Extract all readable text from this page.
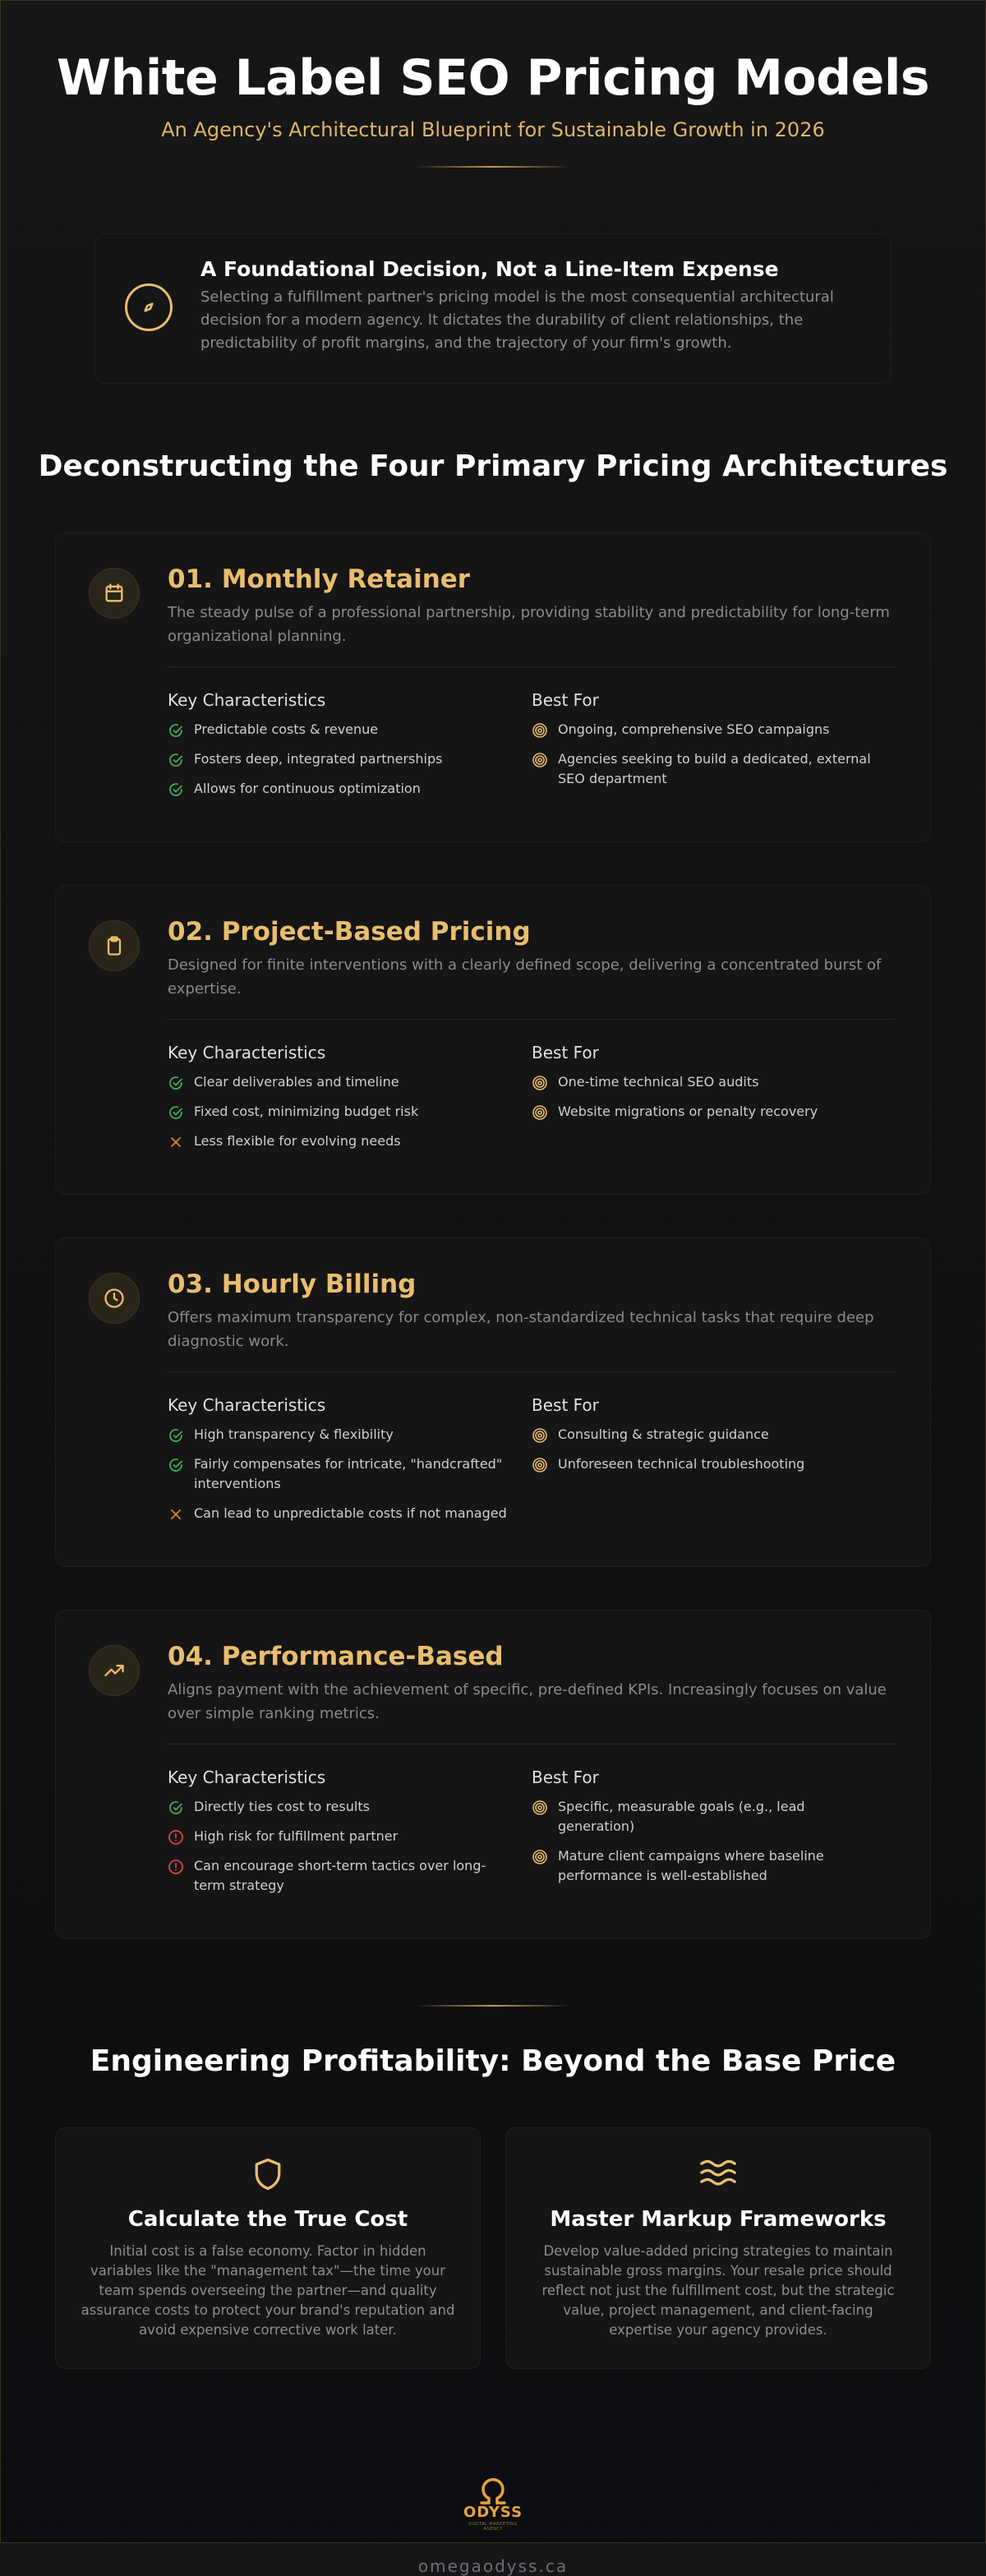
White Label SEO Pricing Models
An Agency's Architectural Blueprint for Sustainable Growth in 2026
A Foundational Decision, Not a Line-Item Expense

Selecting a fulfillment partner's pricing model is the most consequential architectural decision for a modern agency. It dictates the durability of client relationships, the predictability of profit margins, and the trajectory of your firm's growth.

Deconstructing the Four Primary Pricing Architectures
01. Monthly Retainer

The steady pulse of a professional partnership, providing stability and predictability for long-term organizational planning.

Key Characteristics
Predictable costs & revenue
Fosters deep, integrated partnerships
Allows for continuous optimization
Best For
Ongoing, comprehensive SEO campaigns
Agencies seeking to build a dedicated, external SEO department
02. Project-Based Pricing

Designed for finite interventions with a clearly defined scope, delivering a concentrated burst of expertise.

Key Characteristics
Clear deliverables and timeline
Fixed cost, minimizing budget risk
Less flexible for evolving needs
Best For
One-time technical SEO audits
Website migrations or penalty recovery
03. Hourly Billing

Offers maximum transparency for complex, non-standardized technical tasks that require deep diagnostic work.

Key Characteristics
High transparency & flexibility
Fairly compensates for intricate, "handcrafted" interventions
Can lead to unpredictable costs if not managed
Best For
Consulting & strategic guidance
Unforeseen technical troubleshooting
04. Performance-Based

Aligns payment with the achievement of specific, pre-defined KPIs. Increasingly focuses on value over simple ranking metrics.

Key Characteristics
Directly ties cost to results
High risk for fulfillment partner
Can encourage short-term tactics over long-term strategy
Best For
Specific, measurable goals (e.g., lead generation)
Mature client campaigns where baseline performance is well-established
Engineering Profitability: Beyond the Base Price
Calculate the True Cost

Initial cost is a false economy. Factor in hidden variables like the "management tax"—the time your team spends overseeing the partner—and quality assurance costs to protect your brand's reputation and avoid expensive corrective work later.

Master Markup Frameworks

Develop value-added pricing strategies to maintain sustainable gross margins. Your resale price should reflect not just the fulfillment cost, but the strategic value, project management, and client-facing expertise your agency provides.

ODYSS
DIGITAL MARKETING AGENCY
omegaodyss.ca
